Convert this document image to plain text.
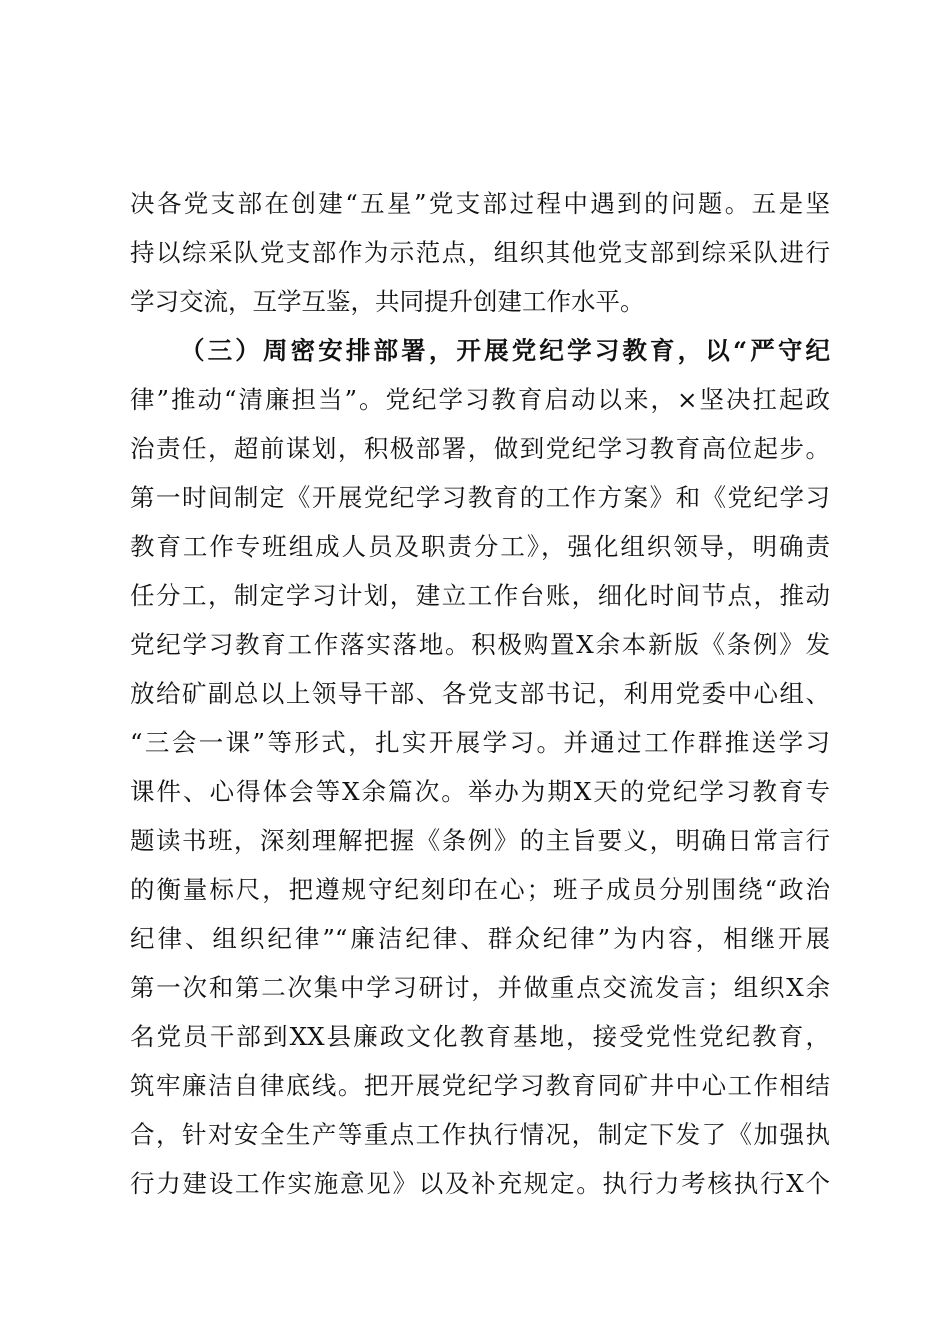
决各党支部在创建“五星”党支部过程中遇到的问题。五是坚
持以综采队党支部作为示范点，组织其他党支部到综采队进行
学习交流，互学互鉴，共同提升创建工作水平。
（三）周密安排部署，开展党纪学习教育，以“严守纪
律”推动“清廉担当”。党纪学习教育启动以来，×坚决扛起政
治责任，超前谋划，积极部署，做到党纪学习教育高位起步。
第一时间制定《开展党纪学习教育的工作方案》和《党纪学习
教育工作专班组成人员及职责分工》，强化组织领导，明确责
任分工，制定学习计划，建立工作台账，细化时间节点，推动
党纪学习教育工作落实落地。积极购置X余本新版《条例》发
放给矿副总以上领导干部、各党支部书记，利用党委中心组、
“三会一课”等形式，扎实开展学习。并通过工作群推送学习
课件、心得体会等X余篇次。举办为期X天的党纪学习教育专
题读书班，深刻理解把握《条例》的主旨要义，明确日常言行
的衡量标尺，把遵规守纪刻印在心；班子成员分别围绕“政治
纪律、组织纪律”“廉洁纪律、群众纪律”为内容，相继开展
第一次和第二次集中学习研讨，并做重点交流发言；组织X余
名党员干部到XX县廉政文化教育基地，接受党性党纪教育，
筑牢廉洁自律底线。把开展党纪学习教育同矿井中心工作相结
合，针对安全生产等重点工作执行情况，制定下发了《加强执
行力建设工作实施意见》以及补充规定。执行力考核执行X个
